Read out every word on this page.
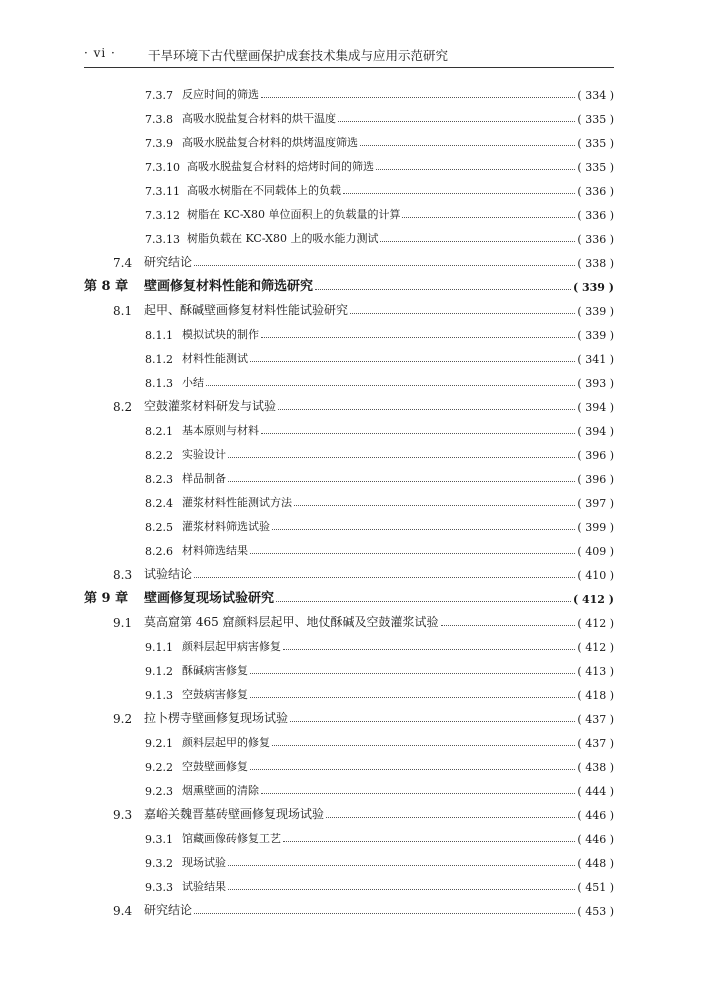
· vi ·	干旱环境下古代壁画保护成套技术集成与应用示范研究
7.3.7 反应时间的筛选	( 334 )
7.3.8 高吸水脱盐复合材料的烘干温度	( 335 )
7.3.9 高吸水脱盐复合材料的烘烤温度筛选	( 335 )
7.3.10 高吸水脱盐复合材料的焙烤时间的筛选	( 335 )
7.3.11 高吸水树脂在不同载体上的负载	( 336 )
7.3.12 树脂在 KC-X80 单位面积上的负载量的计算	( 336 )
7.3.13 树脂负载在 KC-X80 上的吸水能力测试	( 336 )
7.4 研究结论	( 338 )
第 8 章	壁画修复材料性能和筛选研究	( 339 )
8.1 起甲、酥碱壁画修复材料性能试验研究	( 339 )
8.1.1 模拟试块的制作	( 339 )
8.1.2 材料性能测试	( 341 )
8.1.3 小结	( 393 )
8.2 空鼓灌浆材料研发与试验	( 394 )
8.2.1 基本原则与材料	( 394 )
8.2.2 实验设计	( 396 )
8.2.3 样品制备	( 396 )
8.2.4 灌浆材料性能测试方法	( 397 )
8.2.5 灌浆材料筛选试验	( 399 )
8.2.6 材料筛选结果	( 409 )
8.3 试验结论	( 410 )
第 9 章	壁画修复现场试验研究	( 412 )
9.1 莫高窟第 465 窟颜料层起甲、地仗酥碱及空鼓灌浆试验	( 412 )
9.1.1 颜料层起甲病害修复	( 412 )
9.1.2 酥碱病害修复	( 413 )
9.1.3 空鼓病害修复	( 418 )
9.2 拉卜楞寺壁画修复现场试验	( 437 )
9.2.1 颜料层起甲的修复	( 437 )
9.2.2 空鼓壁画修复	( 438 )
9.2.3 烟熏壁画的清除	( 444 )
9.3 嘉峪关魏晋墓砖壁画修复现场试验	( 446 )
9.3.1 馆藏画像砖修复工艺	( 446 )
9.3.2 现场试验	( 448 )
9.3.3 试验结果	( 451 )
9.4 研究结论	( 453 )
